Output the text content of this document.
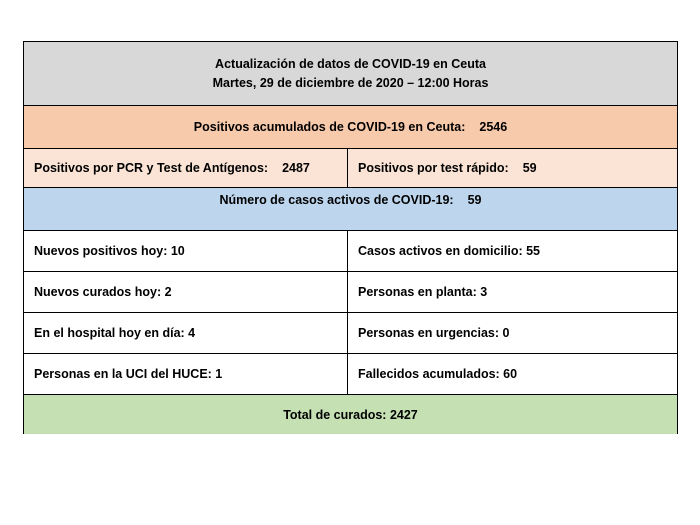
Actualización de datos de COVID-19 en Ceuta
Martes, 29 de diciembre de 2020 – 12:00 Horas
Positivos acumulados de COVID-19 en Ceuta: 2546
Positivos por PCR y Test de Antígenos: 2487	Positivos por test rápido: 59
Número de casos activos de COVID-19: 59
Nuevos positivos hoy: 10	Casos activos en domicilio: 55
Nuevos curados hoy: 2	Personas en planta: 3
En el hospital hoy en día: 4	Personas en urgencias: 0
Personas en la UCI del HUCE: 1	Fallecidos acumulados: 60
Total de curados: 2427
